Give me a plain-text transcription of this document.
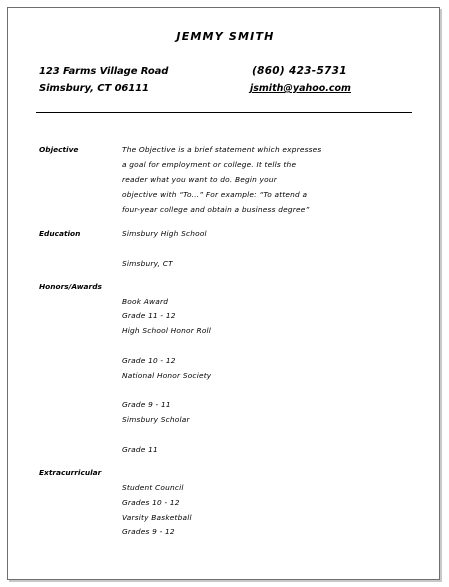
JEMMY SMITH
123 Farms Village Road
Simsbury, CT 06111
(860) 423-5731
jsmith@yahoo.com
Objective	The Objective is a brief statement which expresses
a goal for employment or college. It tells the
reader what you want to do. Begin your
objective with “To…” For example: “To attend a
four-year college and obtain a business degree”
Education	Simsbury High School
Simsbury, CT
Honors/Awards
Book Award
Grade 11 - 12
High School Honor Roll
Grade 10 - 12
National Honor Society
Grade 9 - 11
Simsbury Scholar
Grade 11
Extracurricular
Student Council
Grades 10 - 12
Varsity Basketball
Grades 9 - 12
